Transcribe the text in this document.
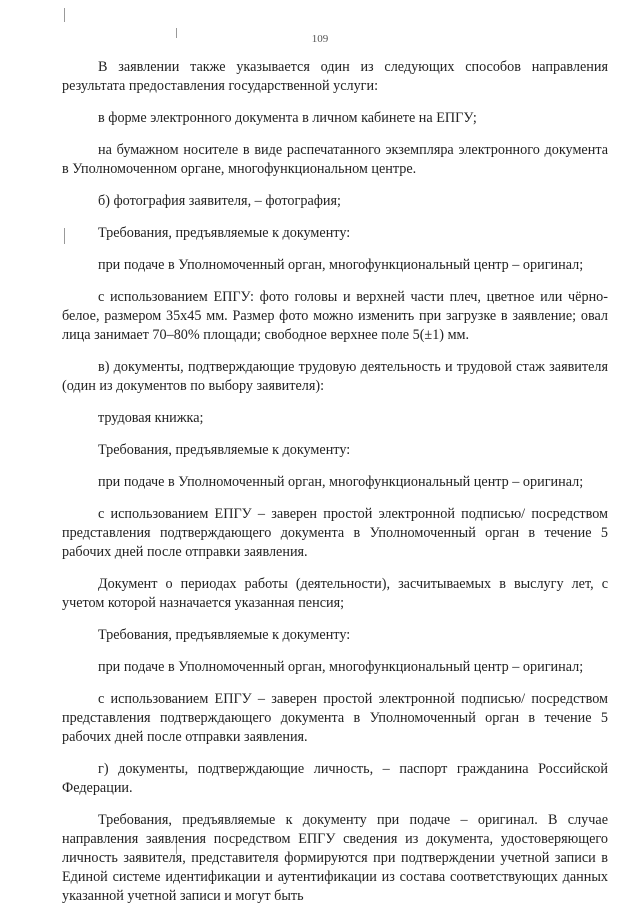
109

В заявлении также указывается один из следующих способов направления результата предоставления государственной услуги:

в форме электронного документа в личном кабинете на ЕПГУ;

на бумажном носителе в виде распечатанного экземпляра электронного документа в Уполномоченном органе, многофункциональном центре.

б) фотография заявителя, – фотография;

Требования, предъявляемые к документу:

при подаче в Уполномоченный орган, многофункциональный центр – оригинал;

с использованием ЕПГУ: фото головы и верхней части плеч, цветное или чёрно-белое, размером 35х45 мм. Размер фото можно изменить при загрузке в заявление; овал лица занимает 70–80% площади; свободное верхнее поле 5(±1) мм.

в) документы, подтверждающие трудовую деятельность и трудовой стаж заявителя (один из документов по выбору заявителя):

трудовая книжка;

Требования, предъявляемые к документу:

при подаче в Уполномоченный орган, многофункциональный центр – оригинал;

с использованием ЕПГУ – заверен простой электронной подписью/ посредством представления подтверждающего документа в Уполномоченный орган в течение 5 рабочих дней после отправки заявления.

Документ о периодах работы (деятельности), засчитываемых в выслугу лет, с учетом которой назначается указанная пенсия;

Требования, предъявляемые к документу:

при подаче в Уполномоченный орган, многофункциональный центр – оригинал;

с использованием ЕПГУ – заверен простой электронной подписью/ посредством представления подтверждающего документа в Уполномоченный орган в течение 5 рабочих дней после отправки заявления.

г) документы, подтверждающие личность, – паспорт гражданина Российской Федерации.

Требования, предъявляемые к документу при подаче – оригинал. В случае направления заявления посредством ЕПГУ сведения из документа, удостоверяющего личность заявителя, представителя формируются при подтверждении учетной записи в Единой системе идентификации и аутентификации из состава соответствующих данных указанной учетной записи и могут быть
